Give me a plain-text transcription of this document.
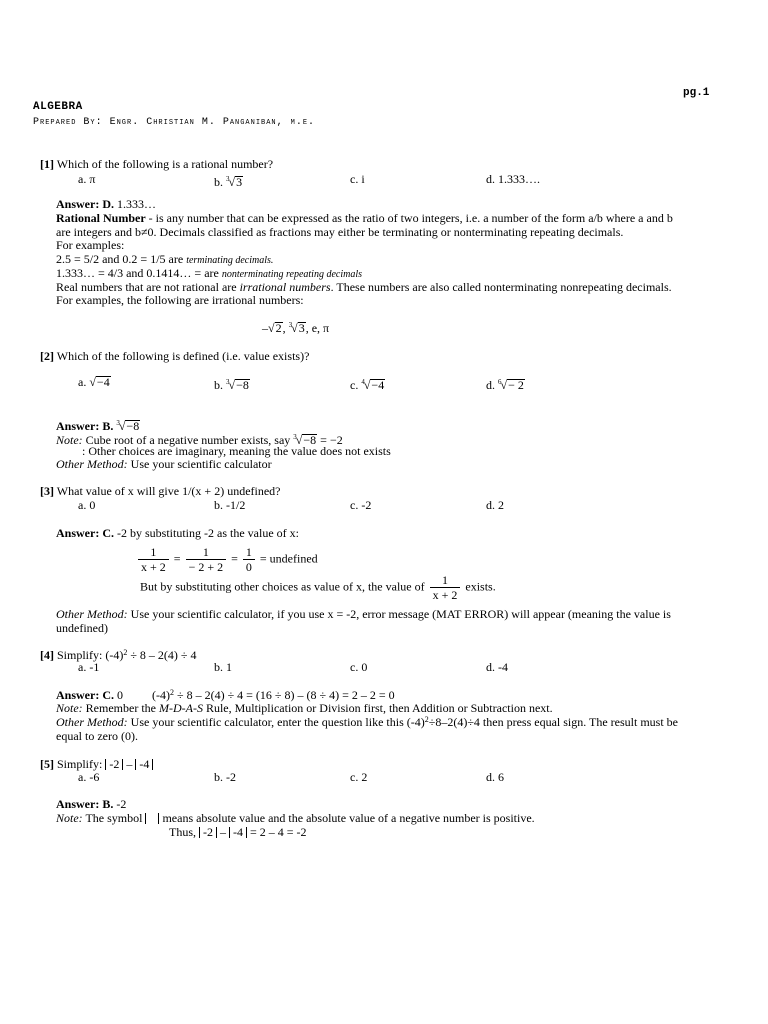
pg.1
ALGEBRA
Prepared By: Engr. Christian M. Panganiban, m.e.
[1] Which of the following is a rational number?
a. π	b. $^3$√3	c. i	d. 1.333….
Answer: D. 1.333…
Rational Number - is any number that can be expressed as the ratio of two integers, i.e. a number of the form a/b where a and b
are integers and b≠0. Decimals classified as fractions may either be terminating or nonterminating repeating decimals.
For examples:
2.5 = 5/2 and 0.2 = 1/5 are terminating decimals.
1.333… = 4/3 and 0.1414… = are nonterminating repeating decimals
Real numbers that are not rational are irrational numbers. These numbers are also called nonterminating nonrepeating decimals.
For examples, the following are irrational numbers:
–√2, $^3$√3, e, π
[2] Which of the following is defined (i.e. value exists)?
a. √−4	b. $^3$√−8	c. $^4$√−4	d. $^6$√− 2
Answer: B. $^3$√−8
Note: Cube root of a negative number exists, say $^3$√−8 = −2
: Other choices are imaginary, meaning the value does not exists
Other Method: Use your scientific calculator
[3] What value of x will give 1/(x + 2) undefined?
a. 0	b. -1/2	c. -2	d. 2
Answer: C. -2 by substituting -2 as the value of x:
$\frac{1}{x + 2} = \frac{1}{- 2 + 2} = \frac{1}{0}$ = undefined
But by substituting other choices as value of x, the value of $\frac{1}{x + 2}$ exists.
Other Method: Use your scientific calculator, if you use x = -2, error message (MAT ERROR) will appear (meaning the value is
undefined)
[4] Simplify: $(-4)^2 \div 8 - 2(4) \div 4$
a. -1	b. 1	c. 0	d. -4
Answer: C. 0 $(-4)^2 \div 8 - 2(4) \div 4 = (16 \div 8) - (8 \div 4) = 2 - 2 = 0$
Note: Remember the M-D-A-S Rule, Multiplication or Division first, then Addition or Subtraction next.
Other Method: Use your scientific calculator, enter the question like this $(-4)^2\div 8-2(4)\div 4$ then press equal sign. The result must be
equal to zero (0).
[5] Simplify: -2 – -4
a. -6	b. -2	c. 2	d. 6
Answer: B. -2
Note: The symbol    means absolute value and the absolute value of a negative number is positive.
Thus, -2 – -4 = 2 – 4 = -2
